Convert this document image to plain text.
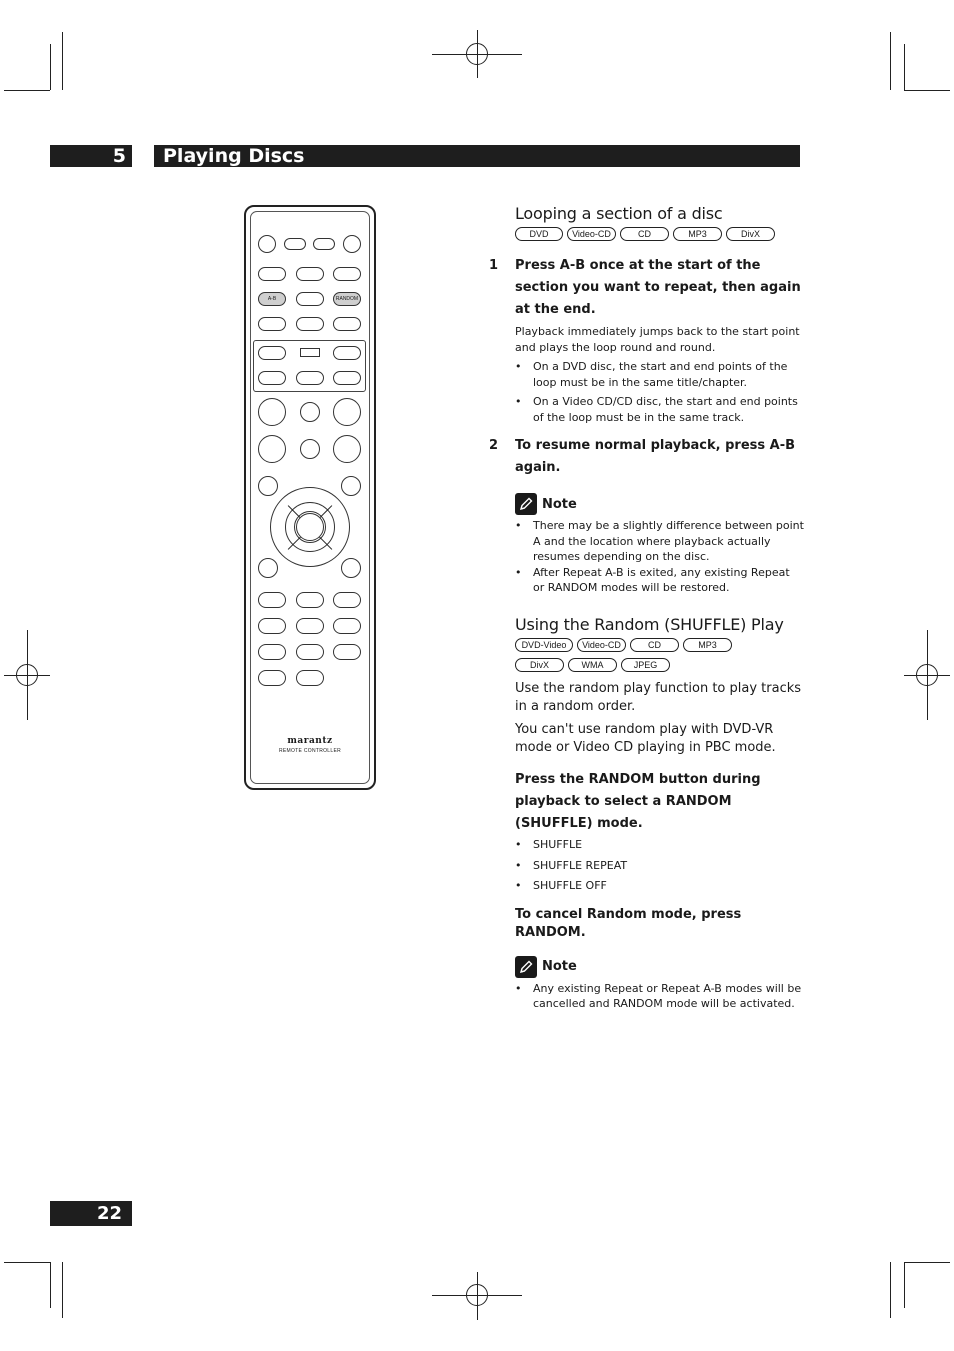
5	Playing Discs
A-B	RANDOM
marantz
REMOTE CONTROLLER
Looping a section of a disc
DVD	Video-CD	CD	MP3	DivX
1	Press A-B once at the start of the section you want to repeat, then again at the end.
Playback immediately jumps back to the start point and plays the loop round and round.
• On a DVD disc, the start and end points of the loop must be in the same title/chapter.
• On a Video CD/CD disc, the start and end points of the loop must be in the same track.
2	To resume normal playback, press A-B again.
Note
• There may be a slightly difference between point A and the location where playback actually resumes depending on the disc.
• After Repeat A-B is exited, any existing Repeat or RANDOM modes will be restored.
Using the Random (SHUFFLE) Play
DVD-Video	Video-CD	CD	MP3
DivX	WMA	JPEG
Use the random play function to play tracks in a random order.
You can't use random play with DVD-VR mode or Video CD playing in PBC mode.
Press the RANDOM button during playback to select a RANDOM (SHUFFLE) mode.
• SHUFFLE
• SHUFFLE REPEAT
• SHUFFLE OFF
To cancel Random mode, press RANDOM.
Note
• Any existing Repeat or Repeat A-B modes will be cancelled and RANDOM mode will be activated.
22
